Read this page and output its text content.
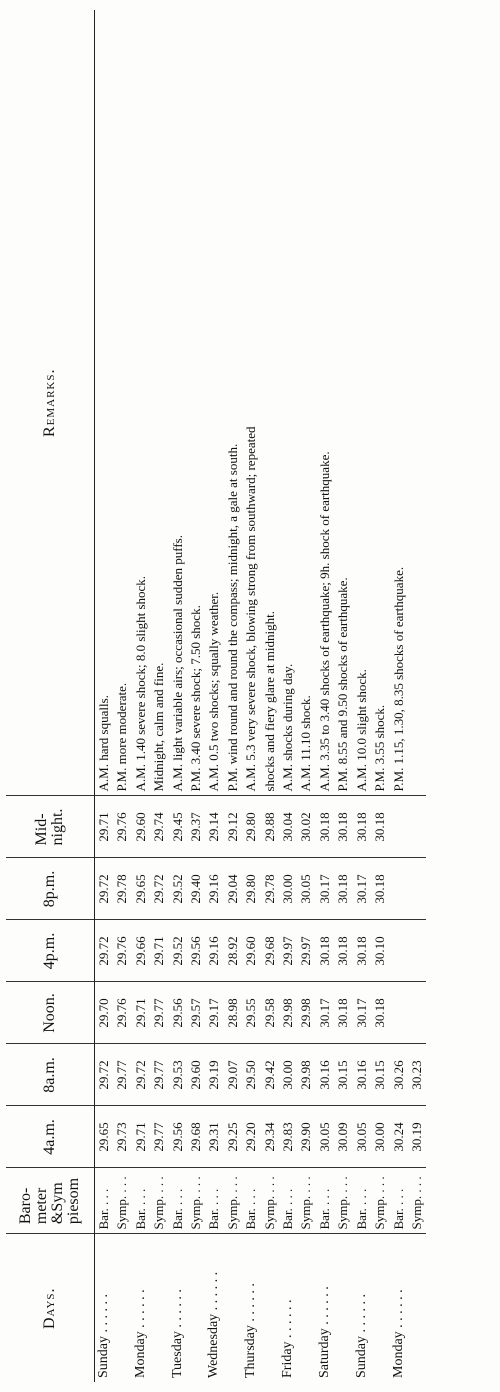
Days.	Baro-
meter
&Sym
piesom	4a.m.	8a.m.	Noon.	4p.m.	8p.m.	Mid-
night.	Remarks.
Sunday . . . . . .	Bar. . . .	29.65	29.72	29.70	29.72	29.72	29.71	A.M. hard squalls.
	Symp. . . .	29.73	29.77	29.76	29.76	29.78	29.76	P.M. more moderate.
Monday . . . . . .	Bar. . . .	29.71	29.72	29.71	29.66	29.65	29.60	A.M. 1.40 severe shock; 8.0 slight shock.
	Symp. . . .	29.77	29.77	29.77	29.71	29.72	29.74	Midnight, calm and fine.
Tuesday . . . . . .	Bar. . . .	29.56	29.53	29.56	29.52	29.52	29.45	A.M. light variable airs; occasional sudden puffs.
	Symp. . . .	29.68	29.60	29.57	29.56	29.40	29.37	P.M. 3.40 severe shock; 7.50 shock.
Wednesday . . . . . .	Bar. . . .	29.31	29.19	29.17	29.16	29.16	29.14	A.M. 0.5 two shocks; squally weather.
	Symp. . . .	29.25	29.07	28.98	28.92	29.04	29.12	P.M. wind round and round the compass; midnight, a gale at south.
Thursday . . . . . .	Bar. . . .	29.20	29.50	29.55	29.60	29.80	29.80	A.M. 5.3 very severe shock, blowing strong from southward; repeated
	Symp. . . .	29.34	29.42	29.58	29.68	29.78	29.88	shocks and fiery glare at midnight.
Friday . . . . . .	Bar. . . .	29.83	30.00	29.98	29.97	30.00	30.04	A.M. shocks during day.
	Symp. . . .	29.90	29.98	29.98	29.97	30.05	30.02	A.M. 11.10 shock.
Saturday . . . . . .	Bar. . . .	30.05	30.16	30.17	30.18	30.17	30.18	A.M. 3.35 to 3.40 shocks of earthquake; 9h. shock of earthquake.
	Symp. . . .	30.09	30.15	30.18	30.18	30.18	30.18	P.M. 8.55 and 9.50 shocks of earthquake.
Sunday . . . . . .	Bar. . . .	30.05	30.16	30.17	30.18	30.17	30.18	A.M. 10.0 slight shock.
	Symp. . . .	30.00	30.15	30.18	30.10	30.18	30.18	P.M. 3.55 shock.
Monday . . . . . .	Bar. . . .	30.24	30.26					P.M. 1.15, 1.30, 8.35 shocks of earthquake.
	Symp. . . .	30.19	30.23					
